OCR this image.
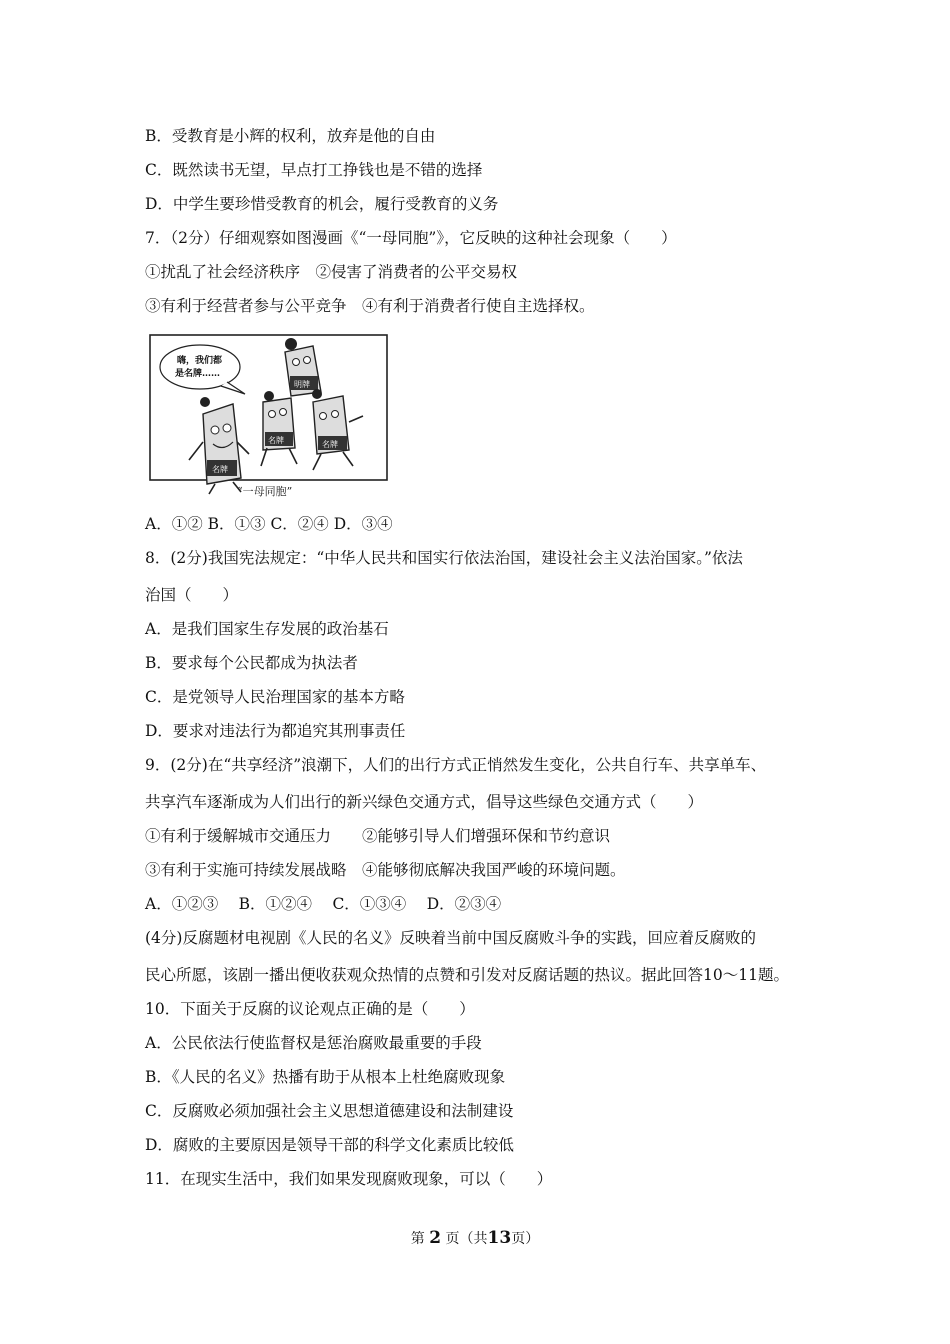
B．受教育是小辉的权利，放弃是他的自由
C．既然读书无望，早点打工挣钱也是不错的选择
D．中学生要珍惜受教育的机会，履行受教育的义务
7．（2分）仔细观察如图漫画《“一母同胞”》，它反映的这种社会现象（　　）
①扰乱了社会经济秩序　②侵害了消费者的公平交易权
③有利于经营者参与公平竞争　④有利于消费者行使自主选择权。
嗨，我们都
是名牌……
明牌
名牌	名牌
名牌
“一母同胞”
A．①② B．①③ C．②④ D．③④
8．(2分)我国宪法规定：“中华人民共和国实行依法治国，建设社会主义法治国家。”依法
治国（　　）
A．是我们国家生存发展的政治基石
B．要求每个公民都成为执法者
C．是党领导人民治理国家的基本方略
D．要求对违法行为都追究其刑事责任
9．(2分)在“共享经济”浪潮下，人们的出行方式正悄然发生变化，公共自行车、共享单车、
共享汽车逐渐成为人们出行的新兴绿色交通方式，倡导这些绿色交通方式（　　）
①有利于缓解城市交通压力　　②能够引导人们增强环保和节约意识
③有利于实施可持续发展战略　④能够彻底解决我国严峻的环境问题。
A．①②③　 B．①②④　 C．①③④　 D．②③④
(4分)反腐题材电视剧《人民的名义》反映着当前中国反腐败斗争的实践，回应着反腐败的
民心所愿，该剧一播出便收获观众热情的点赞和引发对反腐话题的热议。据此回答10～11题。
10．下面关于反腐的议论观点正确的是（　　）
A．公民依法行使监督权是惩治腐败最重要的手段
B．《人民的名义》热播有助于从根本上杜绝腐败现象
C．反腐败必须加强社会主义思想道德建设和法制建设
D．腐败的主要原因是领导干部的科学文化素质比较低
11．在现实生活中，我们如果发现腐败现象，可以（　　）
第 2 页（共13页）
